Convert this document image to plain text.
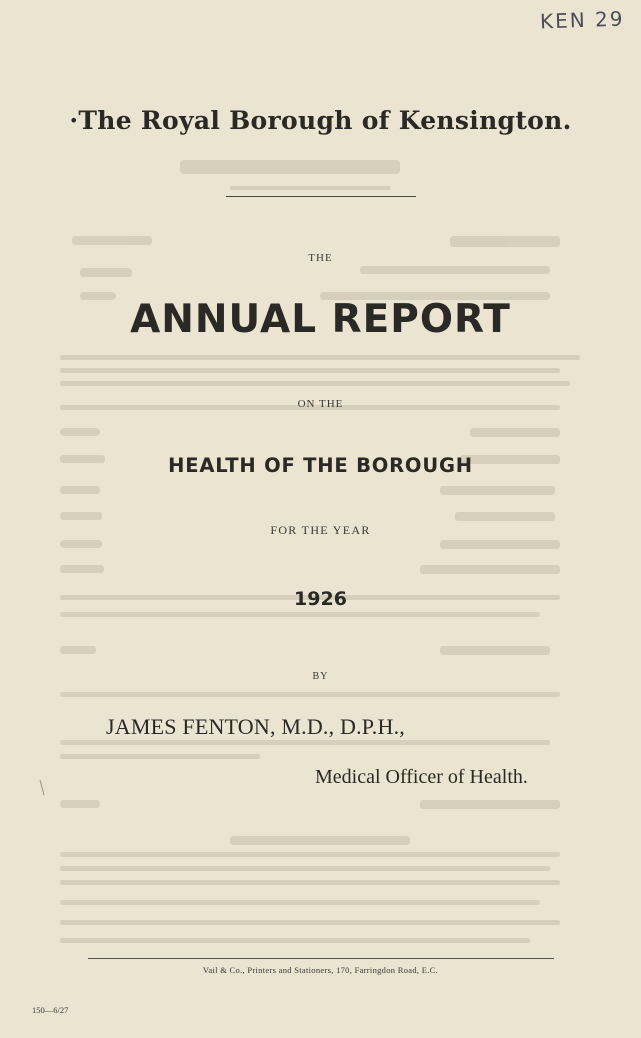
KEN 29
·The Royal Borough of Kensington.
THE
ANNUAL REPORT
ON THE
HEALTH OF THE BOROUGH
FOR THE YEAR
1926
BY
JAMES FENTON, M.D., D.P.H.,
Medical Officer of Health.
Vail & Co., Printers and Stationers, 170, Farringdon Road, E.C.
150—6/27
